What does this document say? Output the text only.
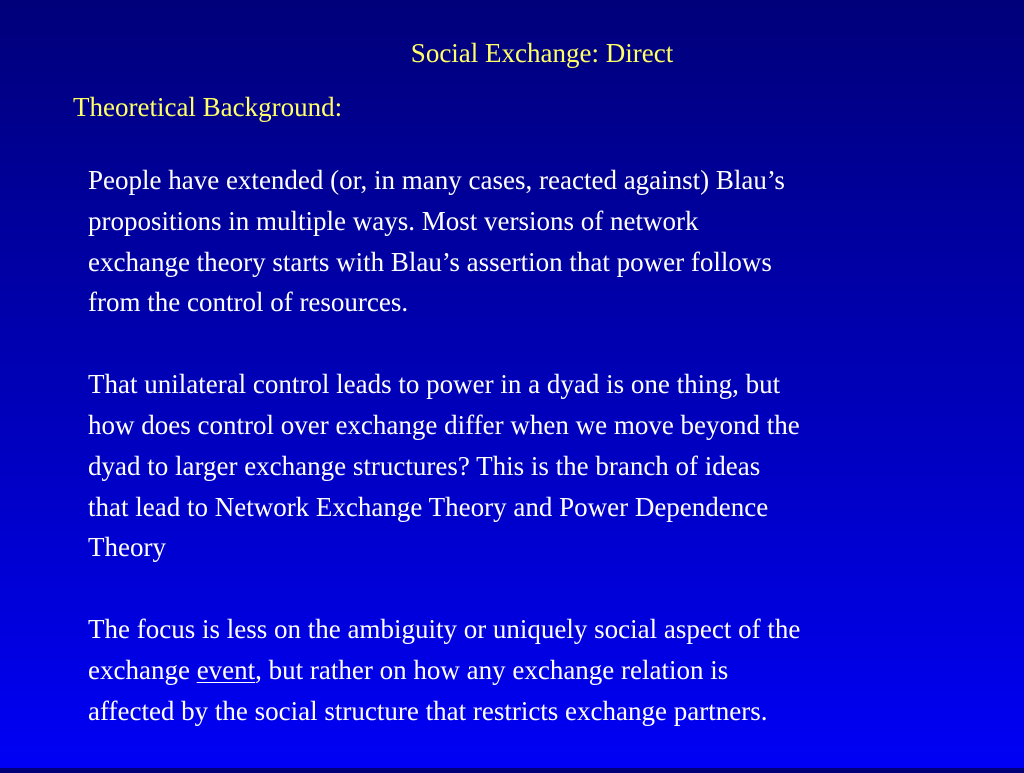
Social Exchange: Direct
Theoretical Background:

People have extended (or, in many cases, reacted against) Blau’s
propositions in multiple ways. Most versions of network
exchange theory starts with Blau’s assertion that power follows
from the control of resources.

That unilateral control leads to power in a dyad is one thing, but
how does control over exchange differ when we move beyond the
dyad to larger exchange structures? This is the branch of ideas
that lead to Network Exchange Theory and Power Dependence
Theory

The focus is less on the ambiguity or uniquely social aspect of the
exchange event, but rather on how any exchange relation is
affected by the social structure that restricts exchange partners.
